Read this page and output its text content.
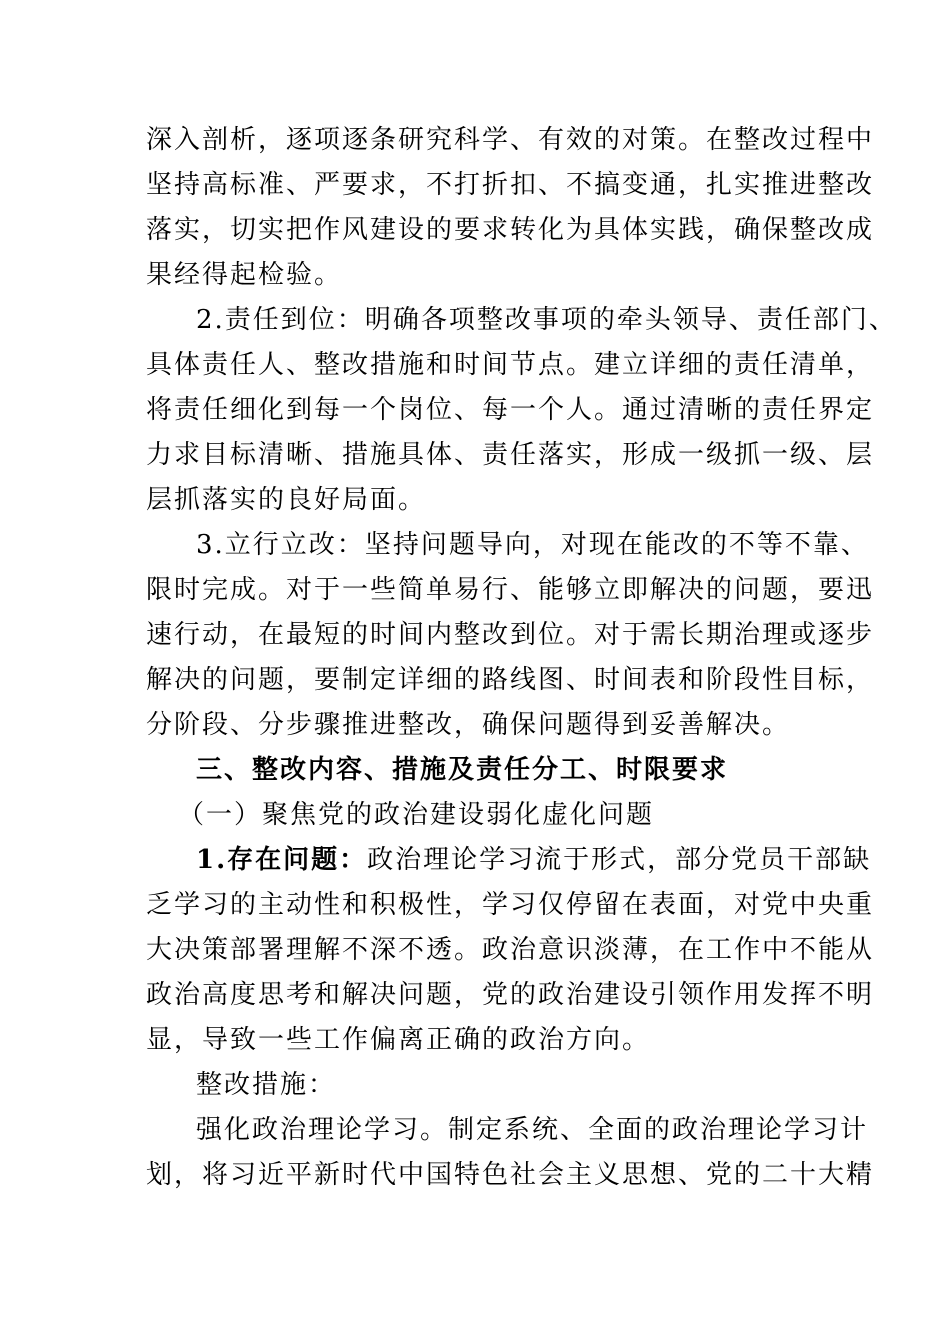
深入剖析，逐项逐条研究科学、有效的对策。在整改过程中
坚持高标准、严要求，不打折扣、不搞变通，扎实推进整改
落实，切实把作风建设的要求转化为具体实践，确保整改成
果经得起检验。
2.责任到位：明确各项整改事项的牵头领导、责任部门、
具体责任人、整改措施和时间节点。建立详细的责任清单，
将责任细化到每一个岗位、每一个人。通过清晰的责任界定
力求目标清晰、措施具体、责任落实，形成一级抓一级、层
层抓落实的良好局面。
3.立行立改：坚持问题导向，对现在能改的不等不靠、
限时完成。对于一些简单易行、能够立即解决的问题，要迅
速行动，在最短的时间内整改到位。对于需长期治理或逐步
解决的问题，要制定详细的路线图、时间表和阶段性目标，
分阶段、分步骤推进整改，确保问题得到妥善解决。
三、整改内容、措施及责任分工、时限要求
（一）聚焦党的政治建设弱化虚化问题
1.存在问题：政治理论学习流于形式，部分党员干部缺
乏学习的主动性和积极性，学习仅停留在表面，对党中央重
大决策部署理解不深不透。政治意识淡薄，在工作中不能从
政治高度思考和解决问题，党的政治建设引领作用发挥不明
显，导致一些工作偏离正确的政治方向。
整改措施：
强化政治理论学习。制定系统、全面的政治理论学习计
划，将习近平新时代中国特色社会主义思想、党的二十大精
